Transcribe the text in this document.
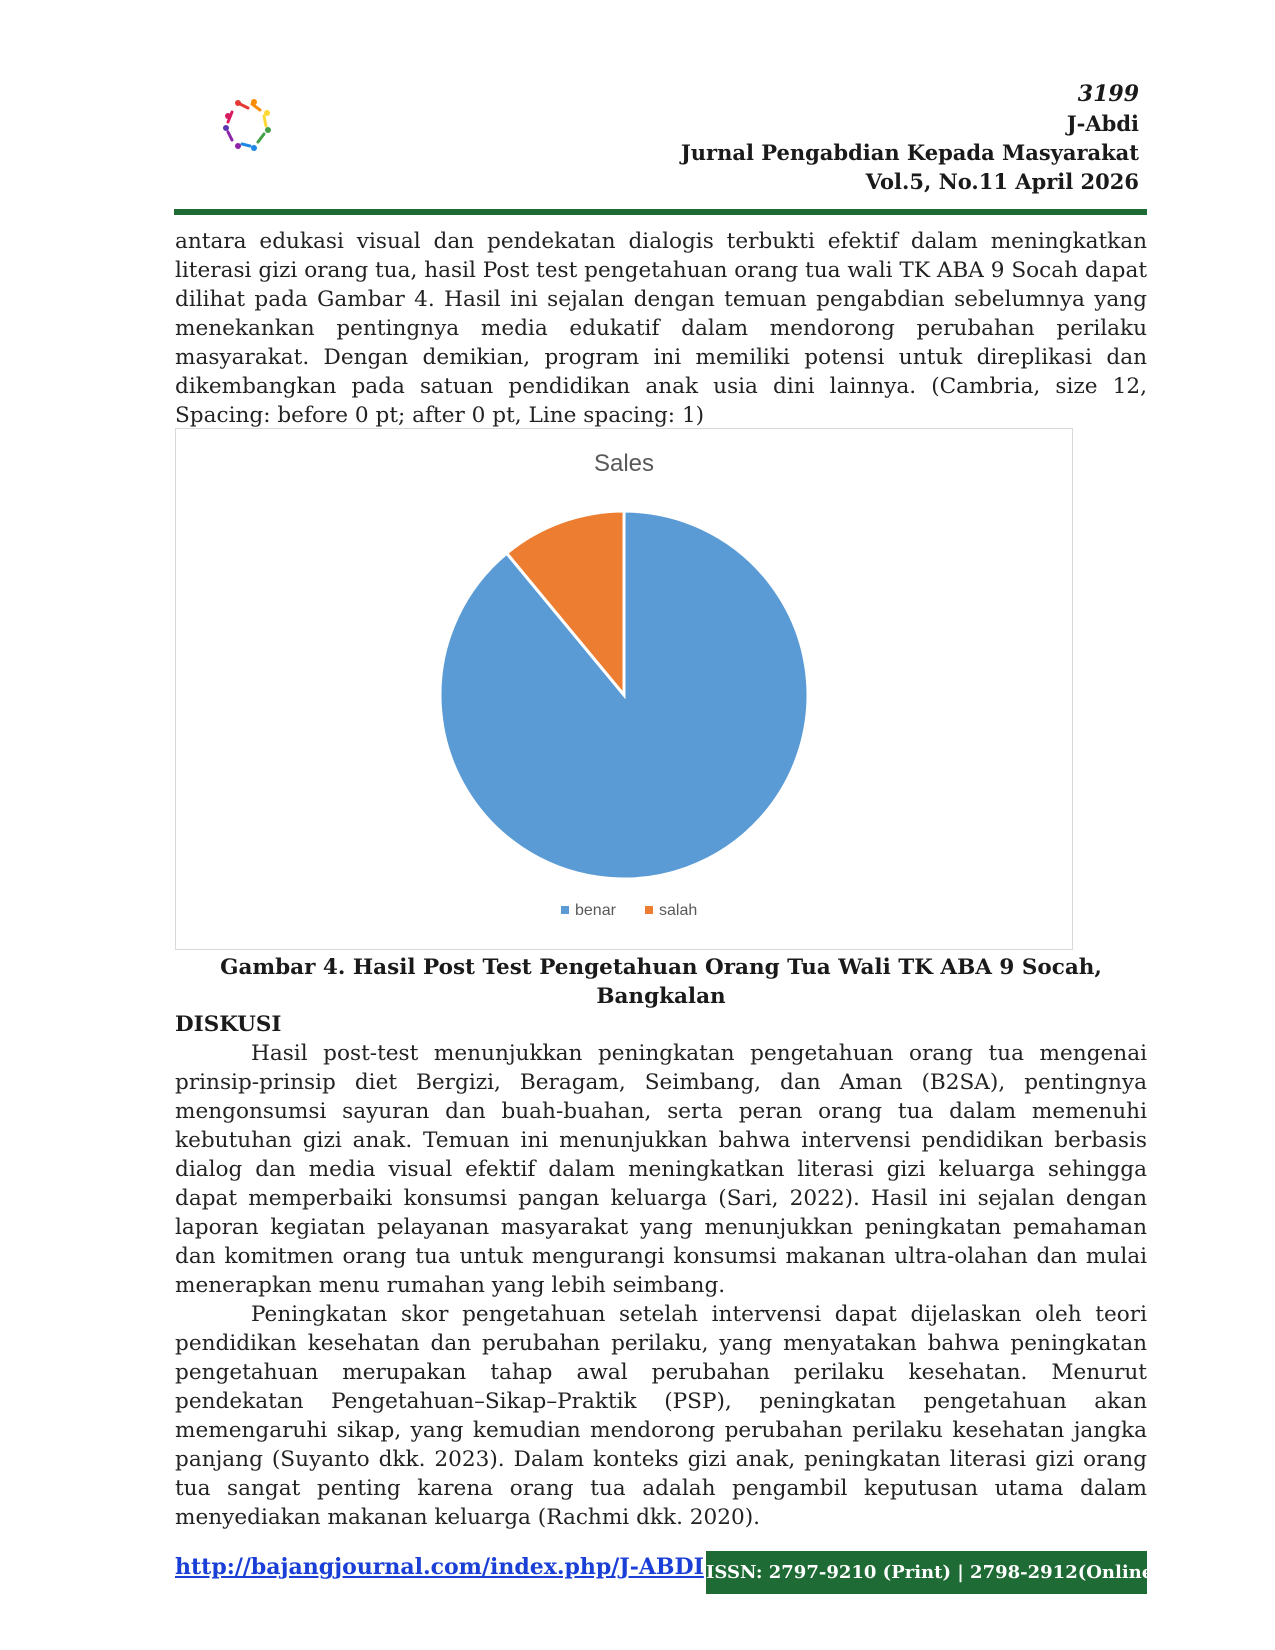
3199
J-Abdi
Jurnal Pengabdian Kepada Masyarakat
Vol.5, No.11 April 2026

antara edukasi visual dan pendekatan dialogis terbukti efektif dalam meningkatkan literasi gizi orang tua, hasil Post test pengetahuan orang tua wali TK ABA 9 Socah dapat dilihat pada Gambar 4. Hasil ini sejalan dengan temuan pengabdian sebelumnya yang menekankan pentingnya media edukatif dalam mendorong perubahan perilaku masyarakat. Dengan demikian, program ini memiliki potensi untuk direplikasi dan dikembangkan pada satuan pendidikan anak usia dini lainnya. (Cambria, size 12, Spacing: before 0 pt; after 0 pt, Line spacing: 1)

Sales
benar	salah
Gambar 4. Hasil Post Test Pengetahuan Orang Tua Wali TK ABA 9 Socah, Bangkalan
DISKUSI

Hasil post-test menunjukkan peningkatan pengetahuan orang tua mengenai prinsip-prinsip diet Bergizi, Beragam, Seimbang, dan Aman (B2SA), pentingnya mengonsumsi sayuran dan buah-buahan, serta peran orang tua dalam memenuhi kebutuhan gizi anak. Temuan ini menunjukkan bahwa intervensi pendidikan berbasis dialog dan media visual efektif dalam meningkatkan literasi gizi keluarga sehingga dapat memperbaiki konsumsi pangan keluarga (Sari, 2022). Hasil ini sejalan dengan laporan kegiatan pelayanan masyarakat yang menunjukkan peningkatan pemahaman dan komitmen orang tua untuk mengurangi konsumsi makanan ultra-olahan dan mulai menerapkan menu rumahan yang lebih seimbang.

Peningkatan skor pengetahuan setelah intervensi dapat dijelaskan oleh teori pendidikan kesehatan dan perubahan perilaku, yang menyatakan bahwa peningkatan pengetahuan merupakan tahap awal perubahan perilaku kesehatan. Menurut pendekatan Pengetahuan–Sikap–Praktik (PSP), peningkatan pengetahuan akan memengaruhi sikap, yang kemudian mendorong perubahan perilaku kesehatan jangka panjang (Suyanto dkk. 2023). Dalam konteks gizi anak, peningkatan literasi gizi orang tua sangat penting karena orang tua adalah pengambil keputusan utama dalam menyediakan makanan keluarga (Rachmi dkk. 2020).

http://bajangjournal.com/index.php/J-ABDI ISSN: 2797-9210 (Print) | 2798-2912(Online)
